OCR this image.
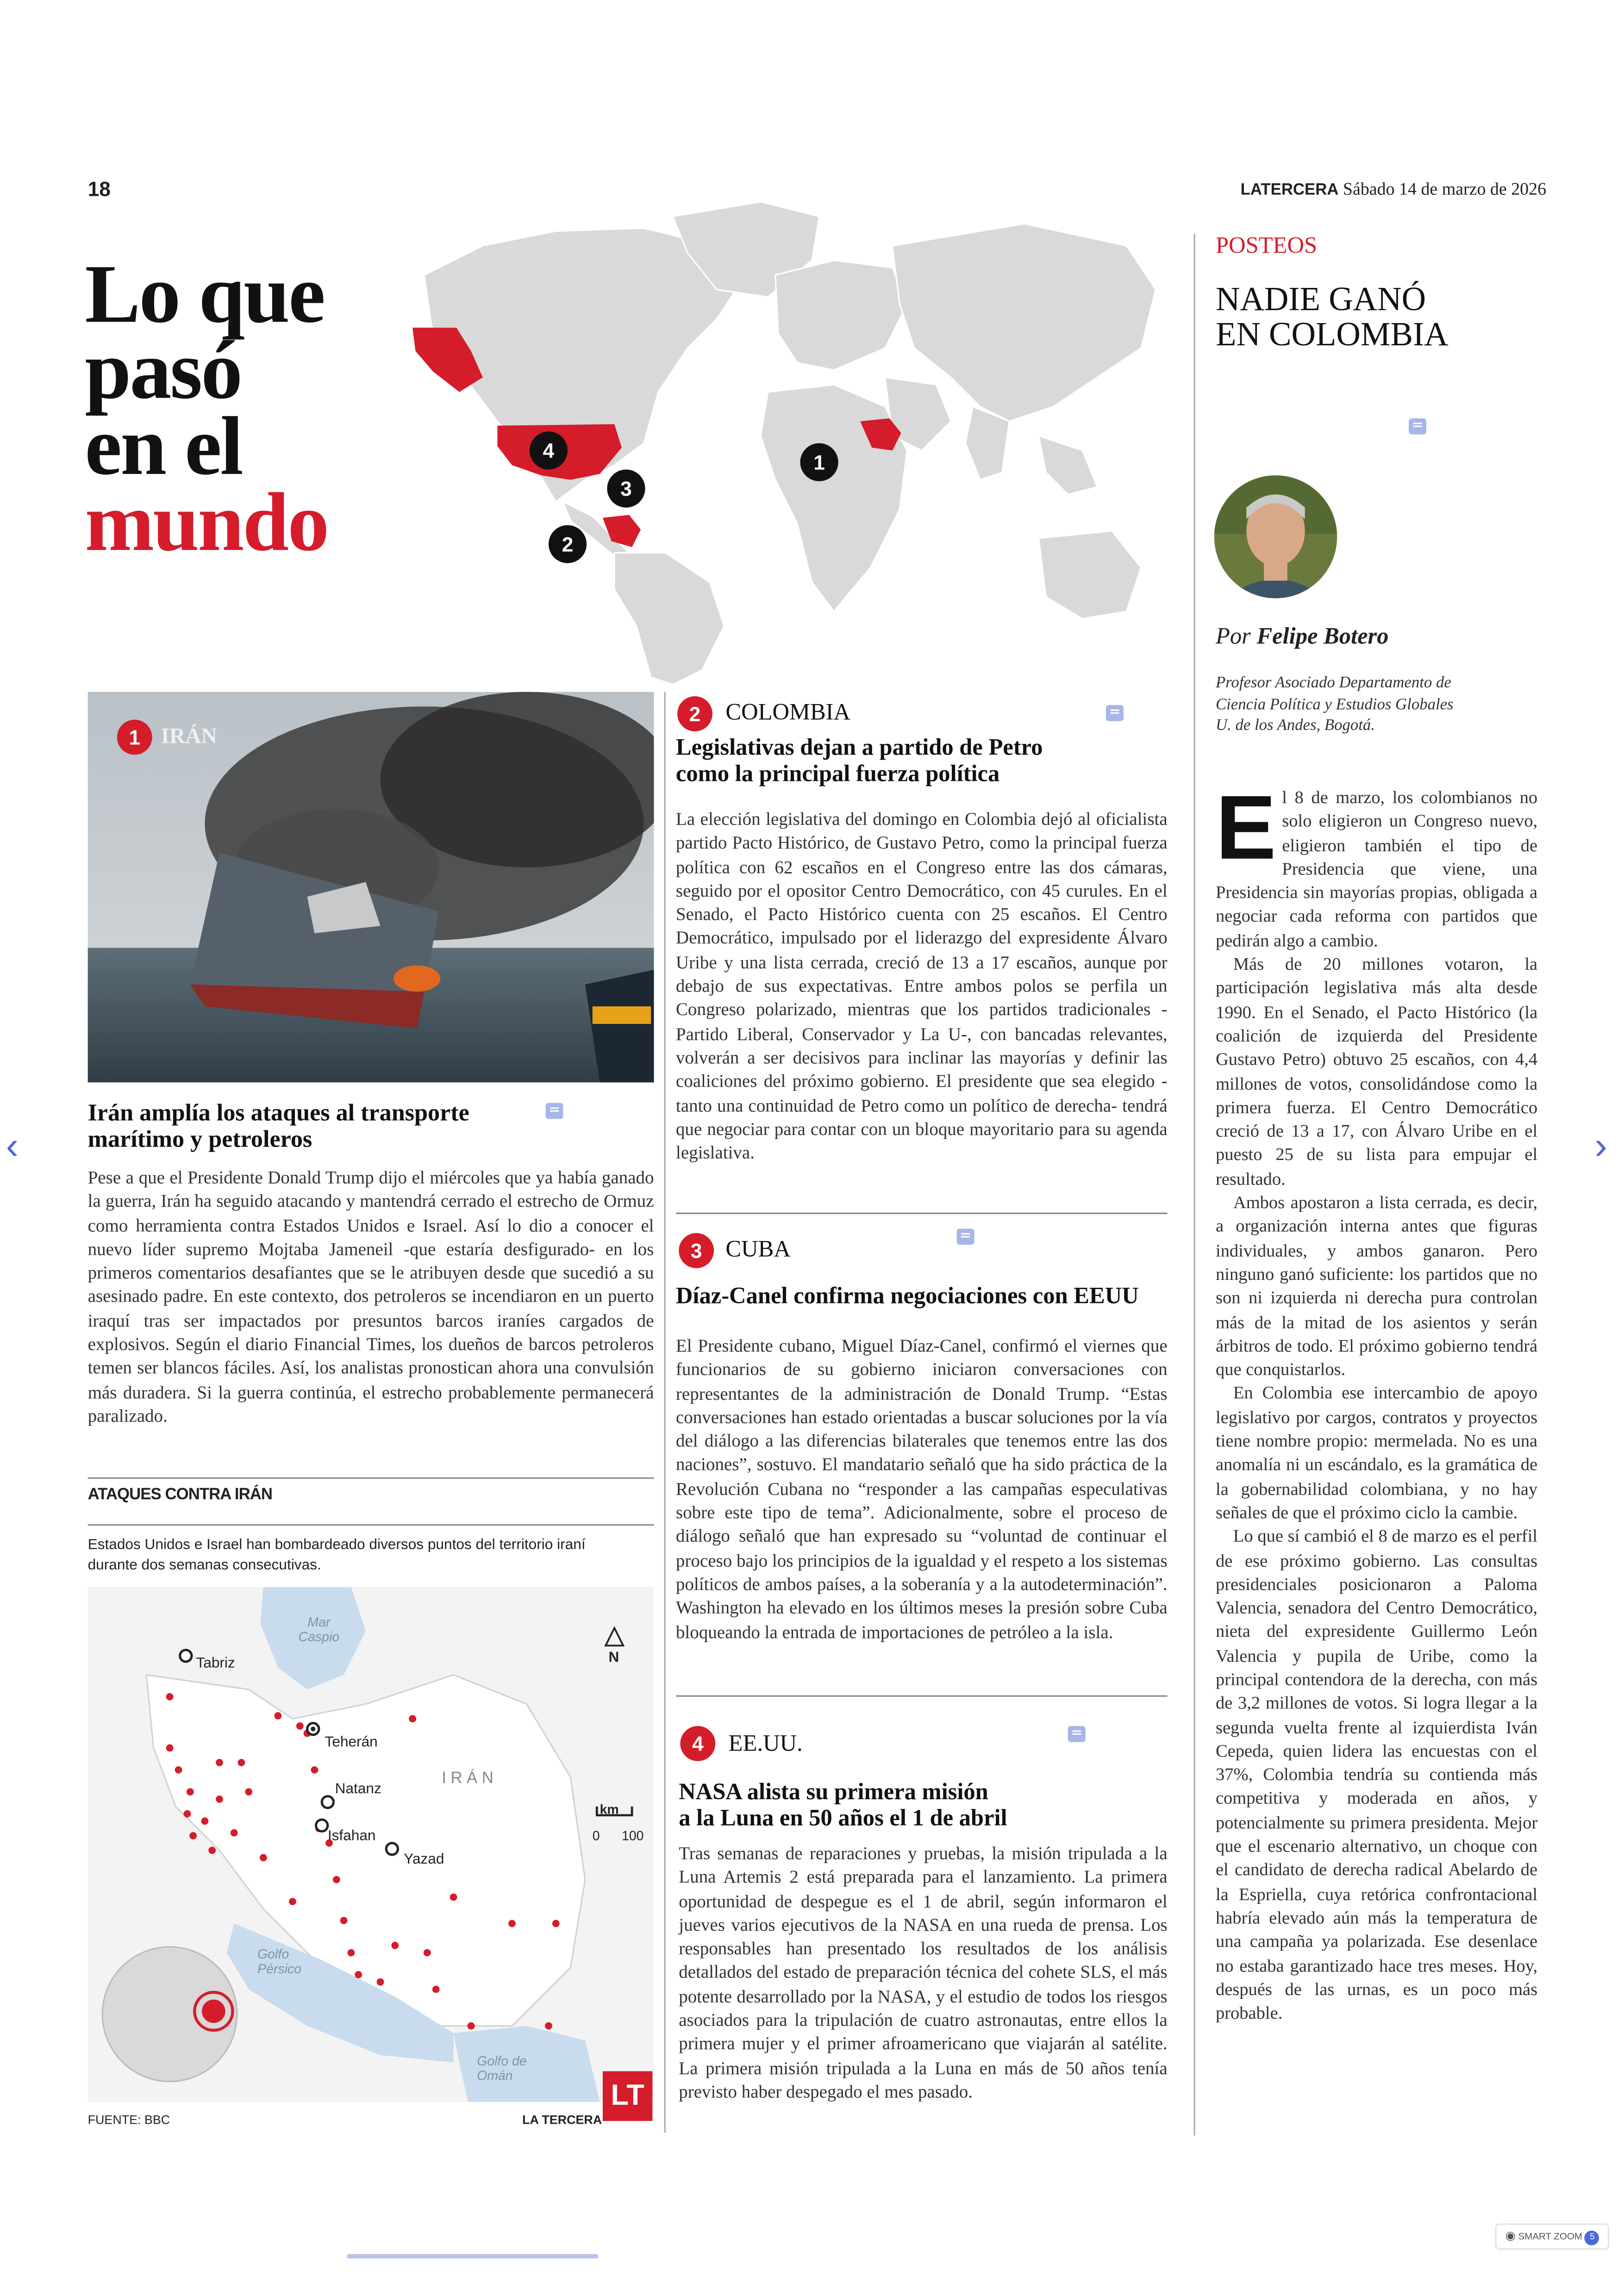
18	LATERCERA Sábado 14 de marzo de 2026
Lo que
pasó
en el
mundo
4
3
2
1
1	IRÁN
Irán amplía los ataques al transporte marítimo y petroleros
Pese a que el Presidente Donald Trump dijo el miércoles que ya había ganado la guerra, Irán ha seguido atacando y mantendrá cerrado el estrecho de Ormuz como herramienta contra Estados Unidos e Israel. Así lo dio a conocer el nuevo líder supremo Mojtaba Jameneil -que estaría desfigurado- en los primeros comentarios desafiantes que se le atribuyen desde que sucedió a su asesinado padre. En este contexto, dos petroleros se incendiaron en un puerto iraquí tras ser impactados por presuntos barcos iraníes cargados de explosivos. Según el diario Financial Times, los dueños de barcos petroleros temen ser blancos fáciles. Así, los analistas pronostican ahora una convulsión más duradera. Si la guerra continúa, el estrecho probablemente permanecerá paralizado.
ATAQUES CONTRA IRÁN
Estados Unidos e Israel han bombardeado diversos puntos del territorio iraní durante dos semanas consecutivas.
Mar Caspio
Tabriz
Teherán
Natanz
Isfahan
Yazad
IRÁN
Golfo Pérsico
Golfo de Omán
N
km
0	100
LT
FUENTE: BBC	LA TERCERA
2	COLOMBIA
Legislativas dejan a partido de Petro como la principal fuerza política
La elección legislativa del domingo en Colombia dejó al oficialista partido Pacto Histórico, de Gustavo Petro, como la principal fuerza política con 62 escaños en el Congreso entre las dos cámaras, seguido por el opositor Centro Democrático, con 45 curules. En el Senado, el Pacto Histórico cuenta con 25 escaños. El Centro Democrático, impulsado por el liderazgo del expresidente Álvaro Uribe y una lista cerrada, creció de 13 a 17 escaños, aunque por debajo de sus expectativas. Entre ambos polos se perfila un Congreso polarizado, mientras que los partidos tradicionales -Partido Liberal, Conservador y La U-, con bancadas relevantes, volverán a ser decisivos para inclinar las mayorías y definir las coaliciones del próximo gobierno. El presidente que sea elegido -tanto una continuidad de Petro como un político de derecha- tendrá que negociar para contar con un bloque mayoritario para su agenda legislativa.
3	CUBA
Díaz-Canel confirma negociaciones con EEUU
El Presidente cubano, Miguel Díaz-Canel, confirmó el viernes que funcionarios de su gobierno iniciaron conversaciones con representantes de la administración de Donald Trump. “Estas conversaciones han estado orientadas a buscar soluciones por la vía del diálogo a las diferencias bilaterales que tenemos entre las dos naciones”, sostuvo. El mandatario señaló que ha sido práctica de la Revolución Cubana no “responder a las campañas especulativas sobre este tipo de tema”. Adicionalmente, sobre el proceso de diálogo señaló que han expresado su “voluntad de continuar el proceso bajo los principios de la igualdad y el respeto a los sistemas políticos de ambos países, a la soberanía y a la autodeterminación”. Washington ha elevado en los últimos meses la presión sobre Cuba bloqueando la entrada de importaciones de petróleo a la isla.
4	EE.UU.
NASA alista su primera misión
a la Luna en 50 años el 1 de abril
Tras semanas de reparaciones y pruebas, la misión tripulada a la Luna Artemis 2 está preparada para el lanzamiento. La primera oportunidad de despegue es el 1 de abril, según informaron el jueves varios ejecutivos de la NASA en una rueda de prensa. Los responsables han presentado los resultados de los análisis detallados del estado de preparación técnica del cohete SLS, el más potente desarrollado por la NASA, y el estudio de todos los riesgos asociados para la tripulación de cuatro astronautas, entre ellos la primera mujer y el primer afroamericano que viajarán al satélite. La primera misión tripulada a la Luna en más de 50 años tenía previsto haber despegado el mes pasado.
POSTEOS
NADIE GANÓ
EN COLOMBIA
Por Felipe Botero
Profesor Asociado Departamento de Ciencia Política y Estudios Globales U. de los Andes, Bogotá.
E	l 8 de marzo, los colombianos no solo eligieron un Congreso nuevo, eligieron también el tipo de Presidencia que viene, una Presidencia sin mayorías propias, obligada a negociar cada reforma con partidos que pedirán algo a cambio.

Más de 20 millones votaron, la participación legislativa más alta desde 1990. En el Senado, el Pacto Histórico (la coalición de izquierda del Presidente Gustavo Petro) obtuvo 25 escaños, con 4,4 millones de votos, consolidándose como la primera fuerza. El Centro Democrático creció de 13 a 17, con Álvaro Uribe en el puesto 25 de su lista para empujar el resultado.

Ambos apostaron a lista cerrada, es decir, a organización interna antes que figuras individuales, y ambos ganaron. Pero ninguno ganó suficiente: los partidos que no son ni izquierda ni derecha pura controlan más de la mitad de los asientos y serán árbitros de todo. El próximo gobierno tendrá que conquistarlos.

En Colombia ese intercambio de apoyo legislativo por cargos, contratos y proyectos tiene nombre propio: mermelada. No es una anomalía ni un escándalo, es la gramática de la gobernabilidad colombiana, y no hay señales de que el próximo ciclo la cambie.

Lo que sí cambió el 8 de marzo es el perfil de ese próximo gobierno. Las consultas presidenciales posicionaron a Paloma Valencia, senadora del Centro Democrático, nieta del expresidente Guillermo León Valencia y pupila de Uribe, como la principal contendora de la derecha, con más de 3,2 millones de votos. Si logra llegar a la segunda vuelta frente al izquierdista Iván Cepeda, quien lidera las encuestas con el 37%, Colombia tendría su contienda más competitiva y moderada en años, y potencialmente su primera presidenta. Mejor que el escenario alternativo, un choque con el candidato de derecha radical Abelardo de la Espriella, cuya retórica confrontacional habría elevado aún más la temperatura de una campaña ya polarizada. Ese desenlace no estaba garantizado hace tres meses. Hoy, después de las urnas, es un poco más probable.

‹	›
◉ SMART ZOOM	5
